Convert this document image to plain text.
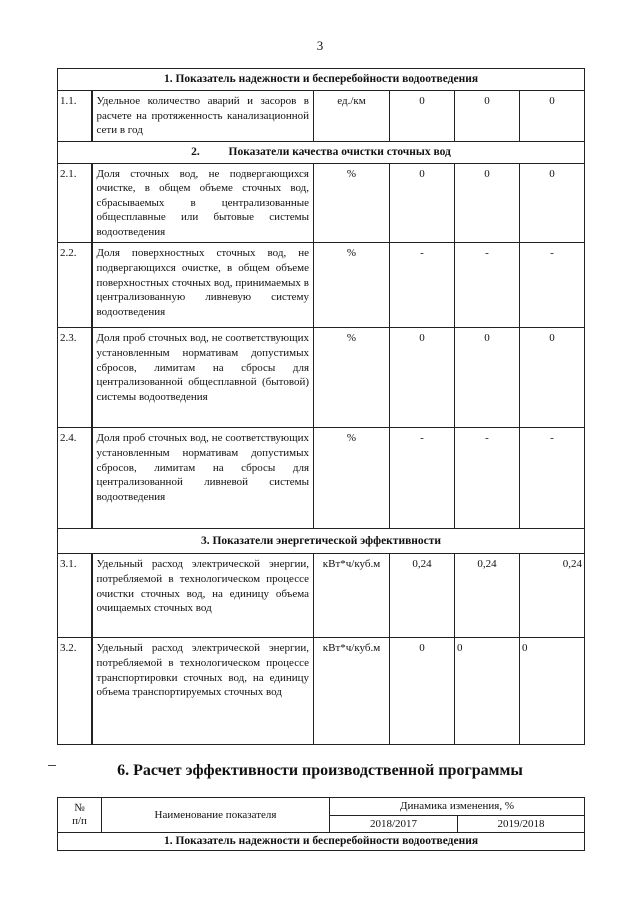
3
1. Показатель надежности и бесперебойности водоотведения					
1.1.	Удельное количество аварий и засоров в расчете на протяженность канализационной сети в год	ед./км	0	0	0
2.          Показатели качества очистки сточных вод					
2.1.	Доля сточных вод, не подвергающихся очистке, в общем объеме сточных вод, сбрасываемых в централизованные общесплавные или бытовые системы водоотведения	%	0	0	0
2.2.	Доля поверхностных сточных вод, не подвергающихся очистке, в общем объеме поверхностных сточных вод, принимаемых в централизованную ливневую систему водоотведения	%	-	-	-
2.3.	Доля проб сточных вод, не соответствующих установленным нормативам допустимых сбросов, лимитам на сбросы для централизованной общесплавной (бытовой) системы водоотведения	%	0	0	0
2.4.	Доля проб сточных вод, не соответствующих установленным нормативам допустимых сбросов, лимитам на сбросы для централизованной ливневой системы водоотведения	%	-	-	-
3. Показатели энергетической эффективности					
3.1.	Удельный расход электрической энергии, потребляемой в технологическом процессе очистки сточных вод, на единицу объема очищаемых сточных вод	кВт*ч/куб.м	0,24	0,24	0,24
3.2.	Удельный расход электрической энергии, потребляемой в технологическом процессе транспортировки сточных вод, на единицу объема транспортируемых сточных вод	кВт*ч/куб.м	0	0	0
6. Расчет эффективности производственной программы
№
п/п	Наименование показателя	Динамика изменения, %	
		2018/2017	2019/2018
1. Показатель надежности и бесперебойности водоотведения			
